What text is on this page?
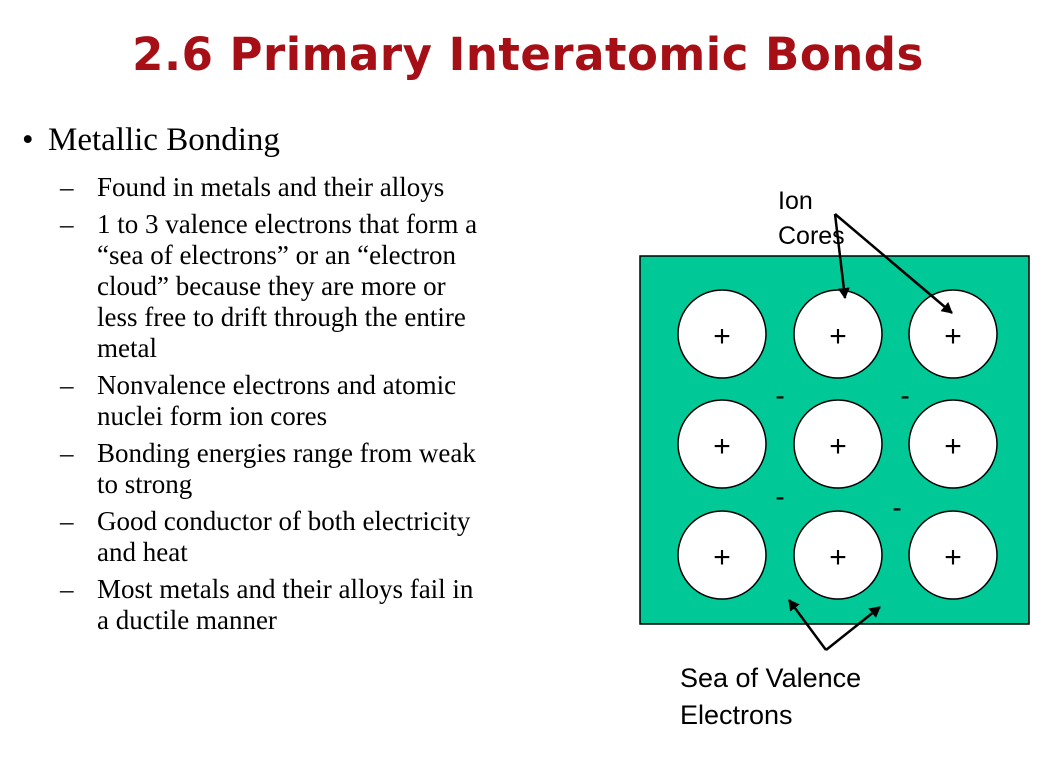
2.6 Primary Interatomic Bonds
• Metallic Bonding
– Found in metals and their alloys
– 1 to 3 valence electrons that form a
“sea of electrons” or an “electron
cloud” because they are more or
less free to drift through the entire
metal
– Nonvalence electrons and atomic
nuclei form ion cores
– Bonding energies range from weak
to strong
– Good conductor of both electricity
and heat
– Most metals and their alloys fail in
a ductile manner
+	+	+
+	+	+
+	+	+
-	-
-	-
Ion
Cores
Sea of Valence
Electrons
